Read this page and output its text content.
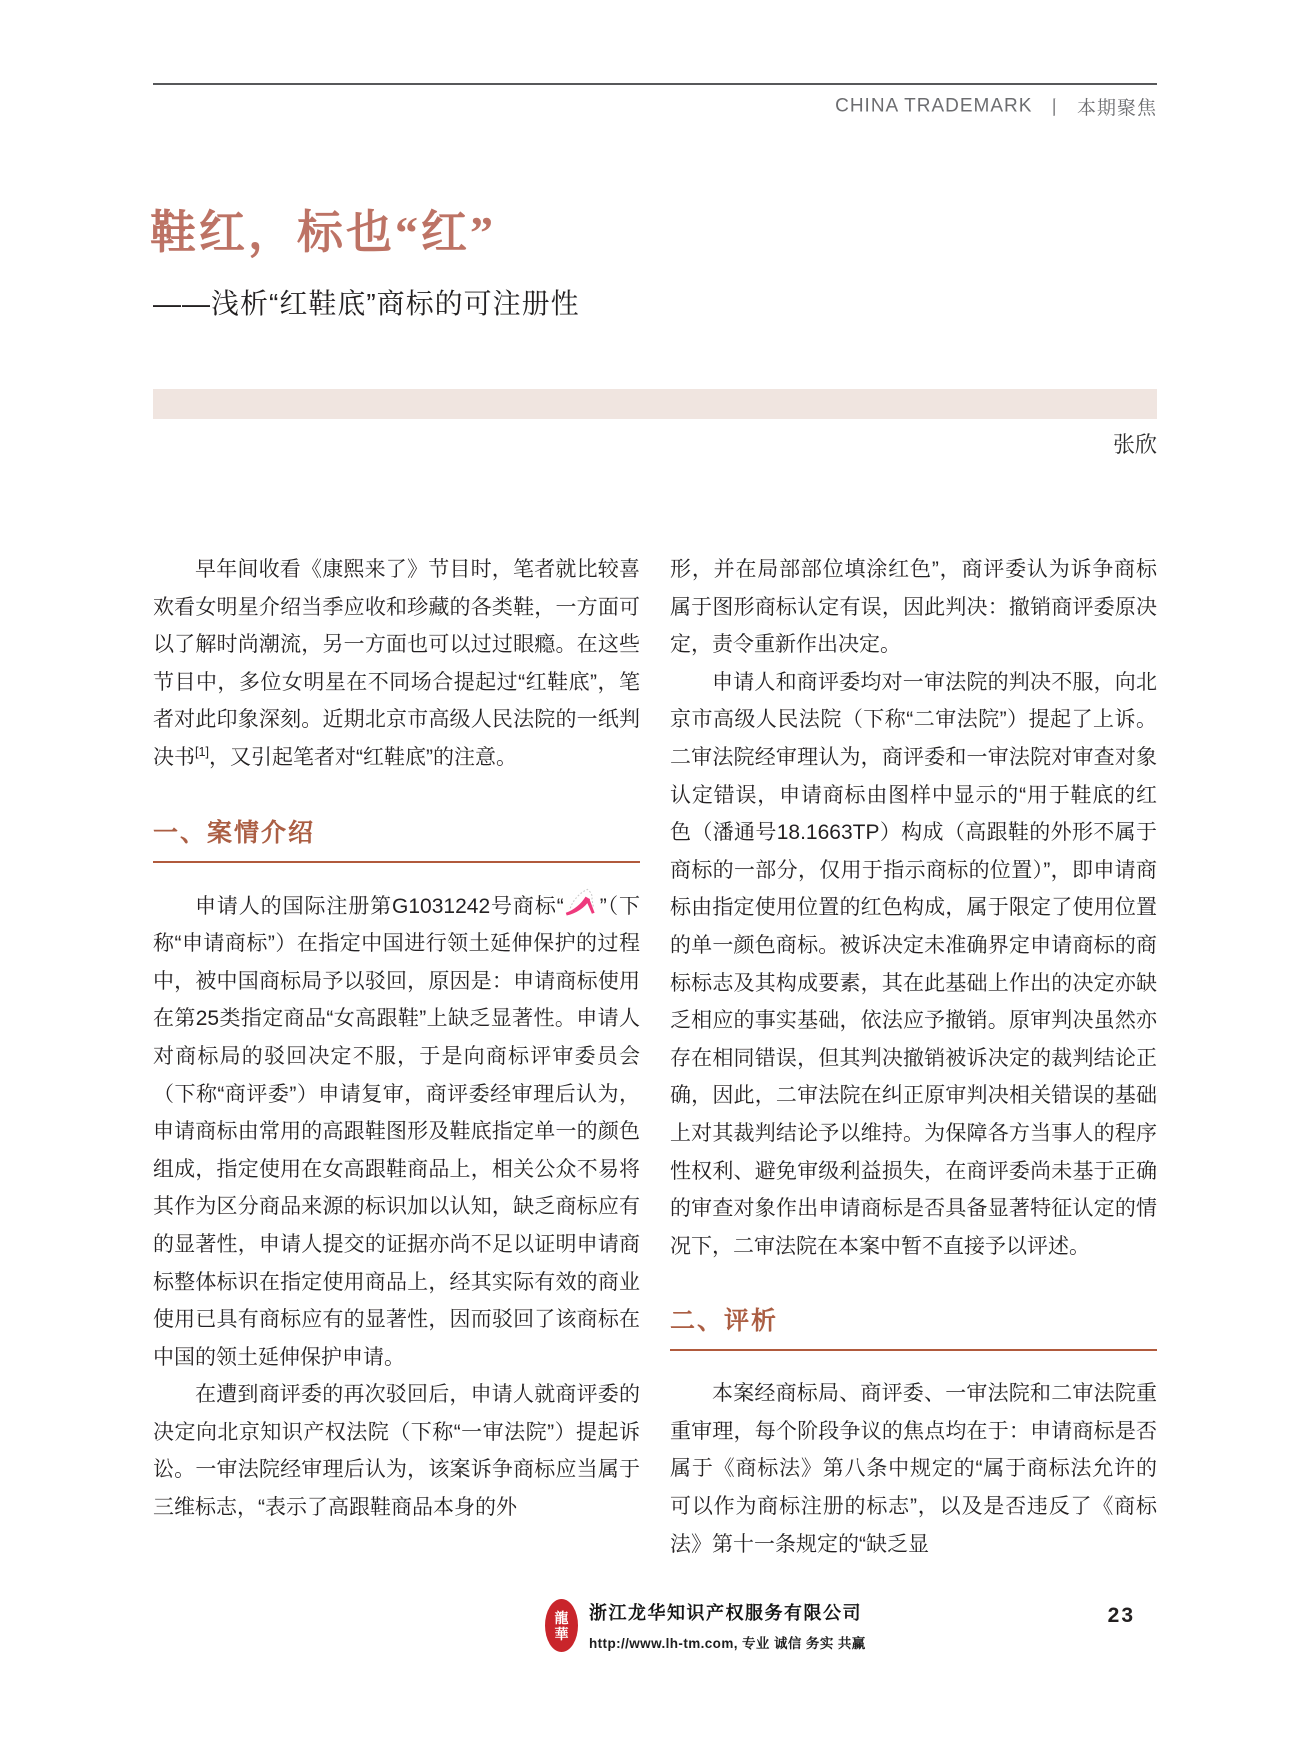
CHINA TRADEMARK 丨 本期聚焦
鞋红，标也“红”
——浅析“红鞋底”商标的可注册性
张欣

早年间收看《康熙来了》节目时，笔者就比较喜欢看女明星介绍当季应收和珍藏的各类鞋，一方面可以了解时尚潮流，另一方面也可以过过眼瘾。在这些节目中，多位女明星在不同场合提起过“红鞋底”，笔者对此印象深刻。近期北京市高级人民法院的一纸判决书[1]，又引起笔者对“红鞋底”的注意。

一、案情介绍

申请人的国际注册第G1031242号商标“ ”（下称“申请商标”）在指定中国进行领土延伸保护的过程中，被中国商标局予以驳回，原因是：申请商标使用在第25类指定商品“女高跟鞋”上缺乏显著性。申请人对商标局的驳回决定不服，于是向商标评审委员会（下称“商评委”）申请复审，商评委经审理后认为，申请商标由常用的高跟鞋图形及鞋底指定单一的颜色组成，指定使用在女高跟鞋商品上，相关公众不易将其作为区分商品来源的标识加以认知，缺乏商标应有的显著性，申请人提交的证据亦尚不足以证明申请商标整体标识在指定使用商品上，经其实际有效的商业使用已具有商标应有的显著性，因而驳回了该商标在中国的领土延伸保护申请。

在遭到商评委的再次驳回后，申请人就商评委的决定向北京知识产权法院（下称“一审法院”）提起诉讼。一审法院经审理后认为，该案诉争商标应当属于三维标志，“表示了高跟鞋商品本身的外

形，并在局部部位填涂红色”，商评委认为诉争商标属于图形商标认定有误，因此判决：撤销商评委原决定，责令重新作出决定。

申请人和商评委均对一审法院的判决不服，向北京市高级人民法院（下称“二审法院”）提起了上诉。二审法院经审理认为，商评委和一审法院对审查对象认定错误，申请商标由图样中显示的“用于鞋底的红色（潘通号18.1663TP）构成（高跟鞋的外形不属于商标的一部分，仅用于指示商标的位置）”，即申请商标由指定使用位置的红色构成，属于限定了使用位置的单一颜色商标。被诉决定未准确界定申请商标的商标标志及其构成要素，其在此基础上作出的决定亦缺乏相应的事实基础，依法应予撤销。原审判决虽然亦存在相同错误，但其判决撤销被诉决定的裁判结论正确，因此，二审法院在纠正原审判决相关错误的基础上对其裁判结论予以维持。为保障各方当事人的程序性权利、避免审级利益损失，在商评委尚未基于正确的审查对象作出申请商标是否具备显著特征认定的情况下，二审法院在本案中暂不直接予以评述。

二、评析

本案经商标局、商评委、一审法院和二审法院重重审理，每个阶段争议的焦点均在于：申请商标是否属于《商标法》第八条中规定的“属于商标法允许的可以作为商标注册的标志”，以及是否违反了《商标法》第十一条规定的“缺乏显

龍
華
浙江龙华知识产权服务有限公司
http://www.lh-tm.com, 专业 诚信 务实 共赢
23
